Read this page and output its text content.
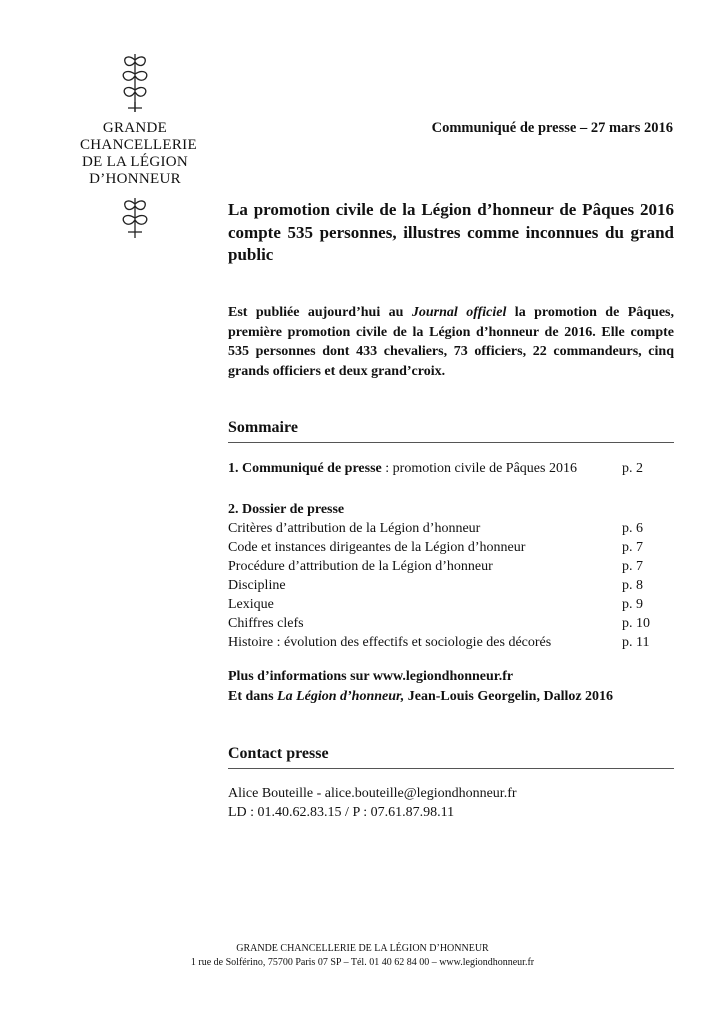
GRANDE
CHANCELLERIE
DE LA LÉGION
D’HONNEUR
Communiqué de presse – 27 mars 2016
La promotion civile de la Légion d’honneur de Pâques 2016 compte 535 personnes, illustres comme inconnues du grand public
Est publiée aujourd’hui au Journal officiel la promotion de Pâques, première promotion civile de la Légion d’honneur de 2016. Elle compte 535 personnes dont 433 chevaliers, 73 officiers, 22 commandeurs, cinq grands officiers et deux grand’croix.
Sommaire
1. Communiqué de presse : promotion civile de Pâques 2016	p. 2
2. Dossier de presse
Critères d’attribution de la Légion d’honneur	p. 6
Code et instances dirigeantes de la Légion d’honneur	p. 7
Procédure d’attribution de la Légion d’honneur	p. 7
Discipline	p. 8
Lexique	p. 9
Chiffres clefs	p. 10
Histoire : évolution des effectifs et sociologie des décorés	p. 11
Plus d’informations sur www.legiondhonneur.fr
Et dans La Légion d’honneur, Jean-Louis Georgelin, Dalloz 2016
Contact presse
Alice Bouteille - alice.bouteille@legiondhonneur.fr
LD : 01.40.62.83.15 / P : 07.61.87.98.11
GRANDE CHANCELLERIE DE LA LÉGION D’HONNEUR
1 rue de Solférino, 75700 Paris 07 SP – Tél. 01 40 62 84 00 – www.legiondhonneur.fr
